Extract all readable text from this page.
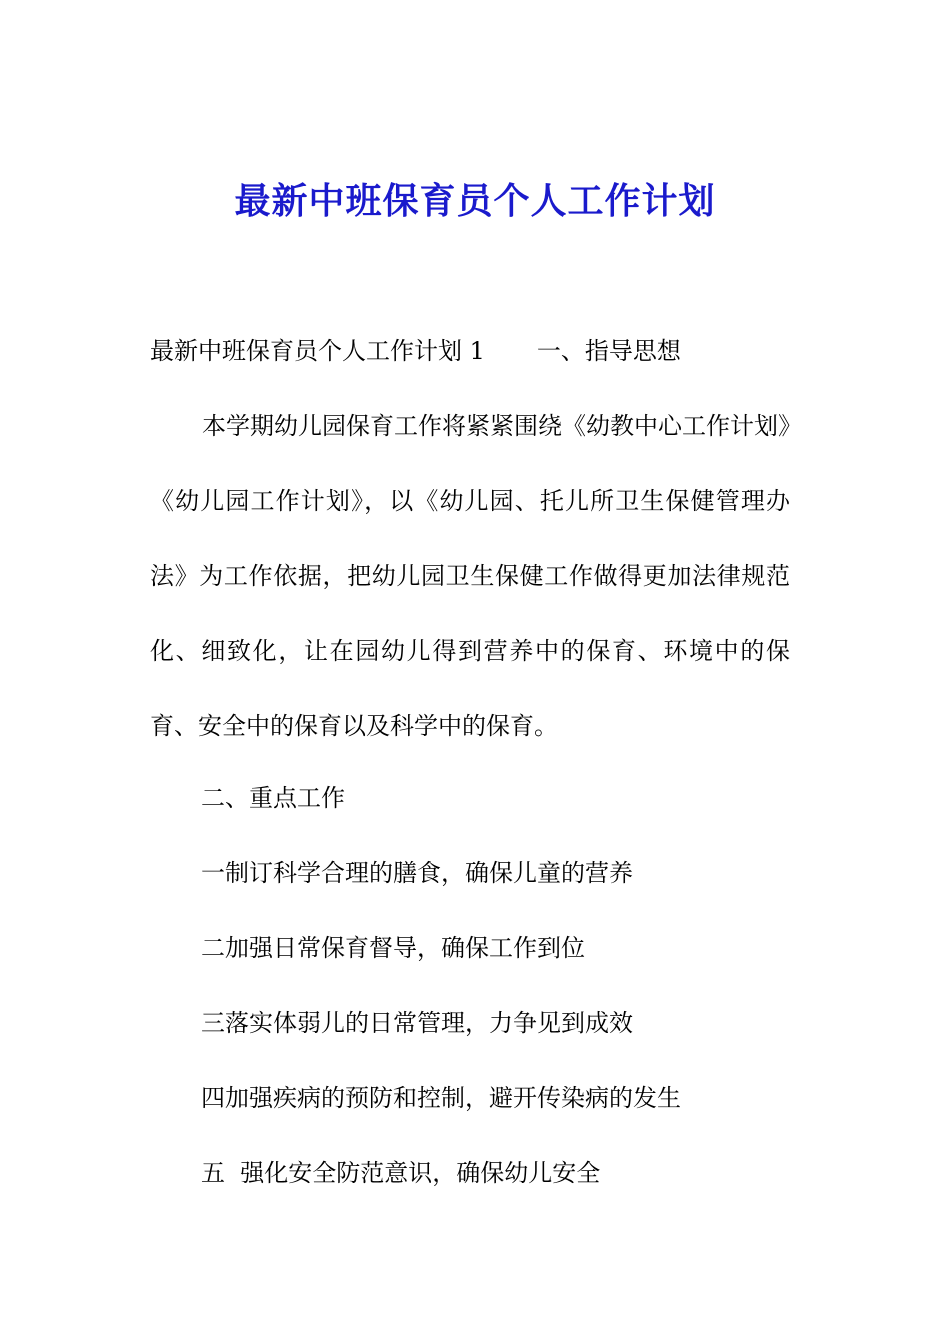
最新中班保育员个人工作计划
最新中班保育员个人工作计划 1 一、指导思想
本学期幼儿园保育工作将紧紧围绕《幼教中心工作计划》《幼儿园工作计划》，以《幼儿园、托儿所卫生保健管理办法》为工作依据，把幼儿园卫生保健工作做得更加法律规范化、细致化，让在园幼儿得到营养中的保育、环境中的保育、安全中的保育以及科学中的保育。
二、重点工作
一制订科学合理的膳食，确保儿童的营养
二加强日常保育督导，确保工作到位
三落实体弱儿的日常管理，力争见到成效
四加强疾病的预防和控制，避开传染病的发生
五  强化安全防范意识，确保幼儿安全
